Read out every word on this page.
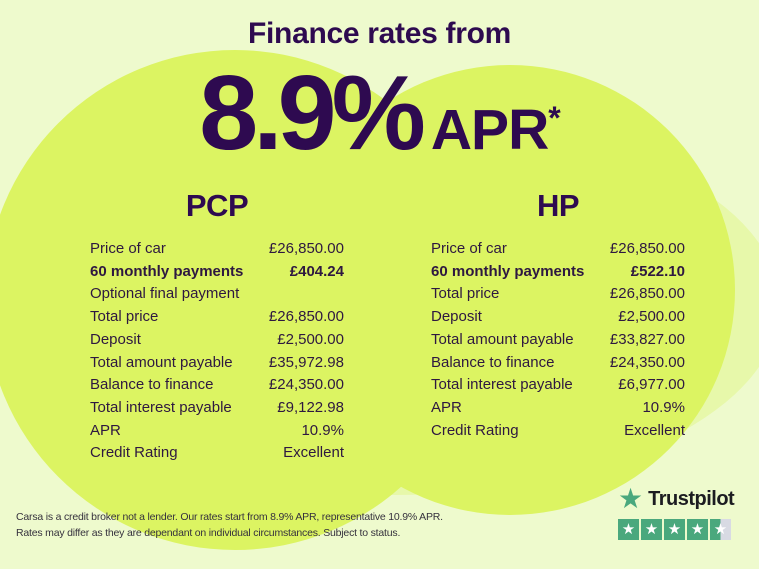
Finance rates from
8.9% APR*
PCP
Price of car	£26,850.00
60 monthly payments	£404.24
Optional final payment
Total price	£26,850.00
Deposit	£2,500.00
Total amount payable £35,972.98
Balance to finance	£24,350.00
Total interest payable	£9,122.98
APR	10.9%
Credit Rating	Excellent
HP
Price of car	£26,850.00
60 monthly payments	£522.10
Total price	£26,850.00
Deposit	£2,500.00
Total amount payable £33,827.00
Balance to finance	£24,350.00
Total interest payable	£6,977.00
APR	10.9%
Credit Rating	Excellent
Carsa is a credit broker not a lender. Our rates start from 8.9% APR, representative 10.9% APR.
Rates may differ as they are dependant on individual circumstances. Subject to status.
★ Trustpilot
★ ★ ★ ★ ★
